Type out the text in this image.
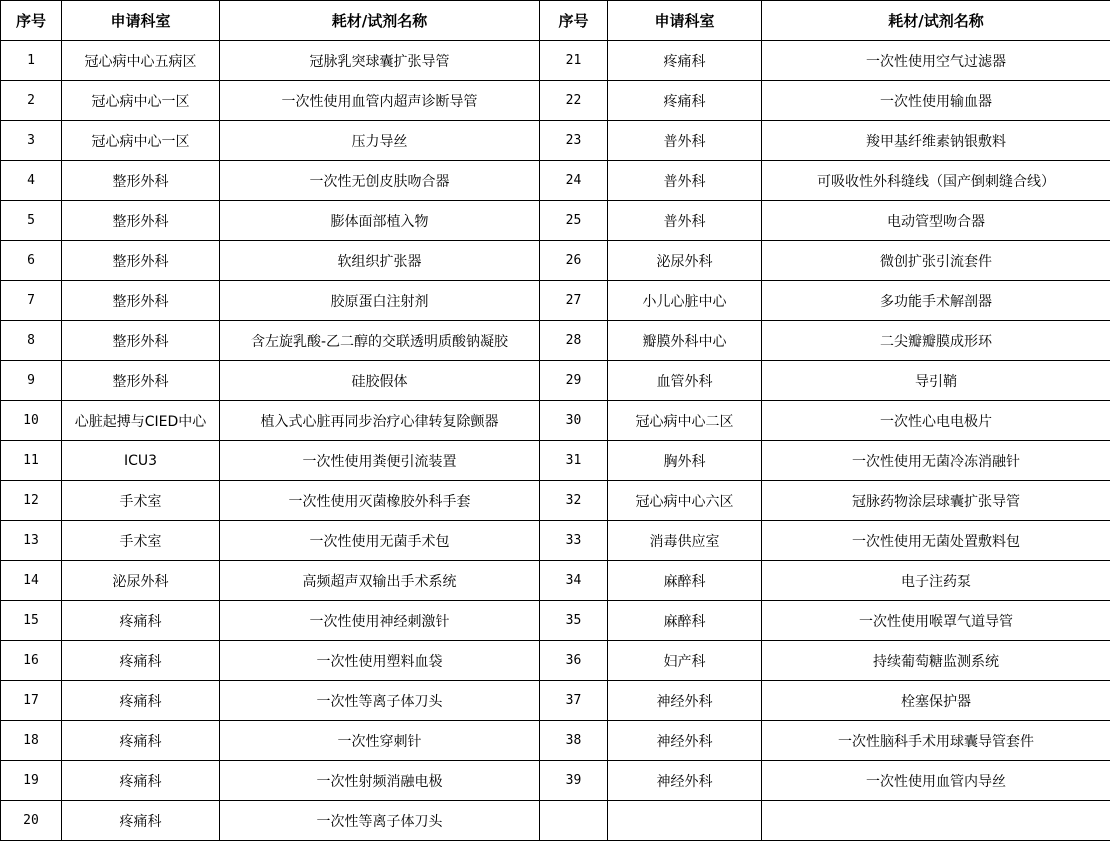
序号	申请科室	耗材/试剂名称	序号	申请科室	耗材/试剂名称
1	冠心病中心五病区	冠脉乳突球囊扩张导管	21	疼痛科	一次性使用空气过滤器
2	冠心病中心一区	一次性使用血管内超声诊断导管	22	疼痛科	一次性使用输血器
3	冠心病中心一区	压力导丝	23	普外科	羧甲基纤维素钠银敷料
4	整形外科	一次性无创皮肤吻合器	24	普外科	可吸收性外科缝线（国产倒刺缝合线）
5	整形外科	膨体面部植入物	25	普外科	电动管型吻合器
6	整形外科	软组织扩张器	26	泌尿外科	微创扩张引流套件
7	整形外科	胶原蛋白注射剂	27	小儿心脏中心	多功能手术解剖器
8	整形外科	含左旋乳酸-乙二醇的交联透明质酸钠凝胶	28	瓣膜外科中心	二尖瓣瓣膜成形环
9	整形外科	硅胶假体	29	血管外科	导引鞘
10	心脏起搏与CIED中心	植入式心脏再同步治疗心律转复除颤器	30	冠心病中心二区	一次性心电电极片
11	ICU3	一次性使用粪便引流装置	31	胸外科	一次性使用无菌冷冻消融针
12	手术室	一次性使用灭菌橡胶外科手套	32	冠心病中心六区	冠脉药物涂层球囊扩张导管
13	手术室	一次性使用无菌手术包	33	消毒供应室	一次性使用无菌处置敷料包
14	泌尿外科	高频超声双输出手术系统	34	麻醉科	电子注药泵
15	疼痛科	一次性使用神经刺激针	35	麻醉科	一次性使用喉罩气道导管
16	疼痛科	一次性使用塑料血袋	36	妇产科	持续葡萄糖监测系统
17	疼痛科	一次性等离子体刀头	37	神经外科	栓塞保护器
18	疼痛科	一次性穿刺针	38	神经外科	一次性脑科手术用球囊导管套件
19	疼痛科	一次性射频消融电极	39	神经外科	一次性使用血管内导丝
20	疼痛科	一次性等离子体刀头			
